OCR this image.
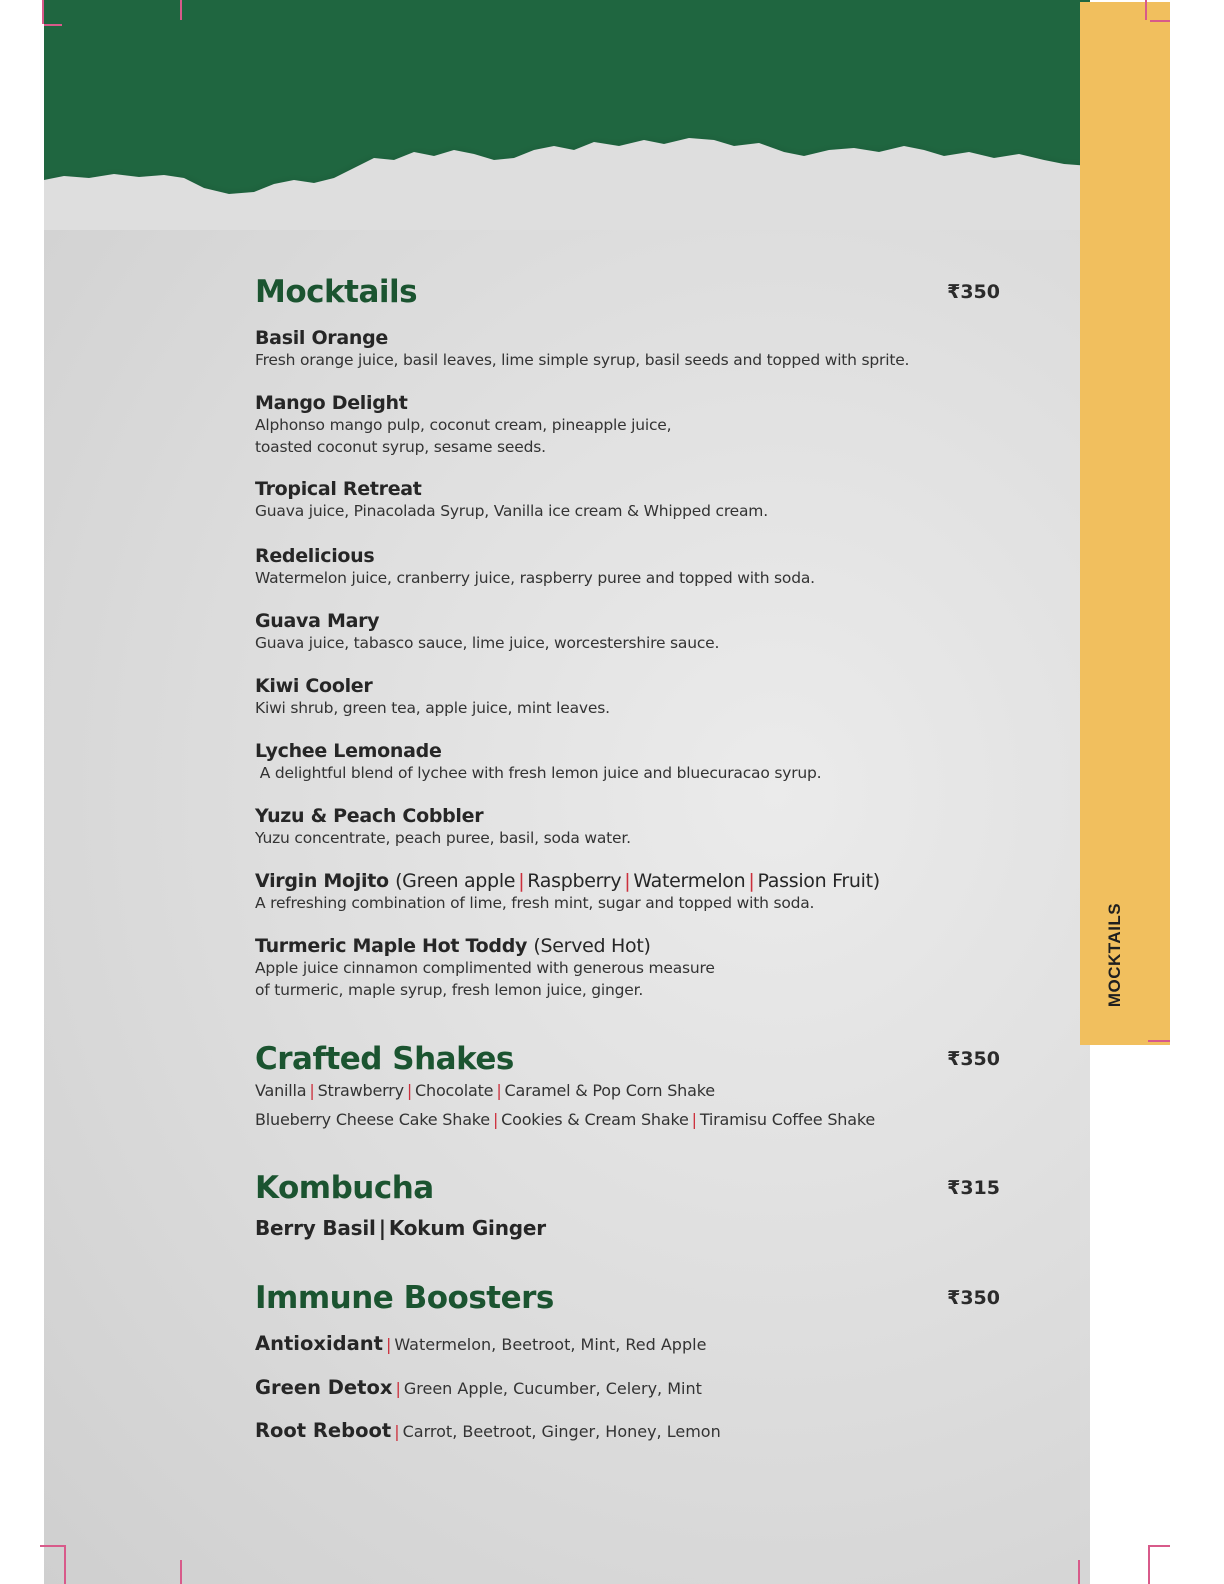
MOCKTAILS
Mocktails	₹350
Basil Orange
Fresh orange juice, basil leaves, lime simple syrup, basil seeds and topped with sprite.
Mango Delight
Alphonso mango pulp, coconut cream, pineapple juice,
toasted coconut syrup, sesame seeds.
Tropical Retreat
Guava juice, Pinacolada Syrup, Vanilla ice cream & Whipped cream.
Redelicious
Watermelon juice, cranberry juice, raspberry puree and topped with soda.
Guava Mary
Guava juice, tabasco sauce, lime juice, worcestershire sauce.
Kiwi Cooler
Kiwi shrub, green tea, apple juice, mint leaves.
Lychee Lemonade
A delightful blend of lychee with fresh lemon juice and bluecuracao syrup.
Yuzu & Peach Cobbler
Yuzu concentrate, peach puree, basil, soda water.
Virgin Mojito (Green apple | Raspberry | Watermelon | Passion Fruit)
A refreshing combination of lime, fresh mint, sugar and topped with soda.
Turmeric Maple Hot Toddy (Served Hot)
Apple juice cinnamon complimented with generous measure
of turmeric, maple syrup, fresh lemon juice, ginger.
Crafted Shakes	₹350
Vanilla | Strawberry | Chocolate | Caramel & Pop Corn Shake
Blueberry Cheese Cake Shake | Cookies & Cream Shake | Tiramisu Coffee Shake
Kombucha	₹315
Berry Basil | Kokum Ginger
Immune Boosters	₹350
Antioxidant | Watermelon, Beetroot, Mint, Red Apple
Green Detox | Green Apple, Cucumber, Celery, Mint
Root Reboot | Carrot, Beetroot, Ginger, Honey, Lemon
